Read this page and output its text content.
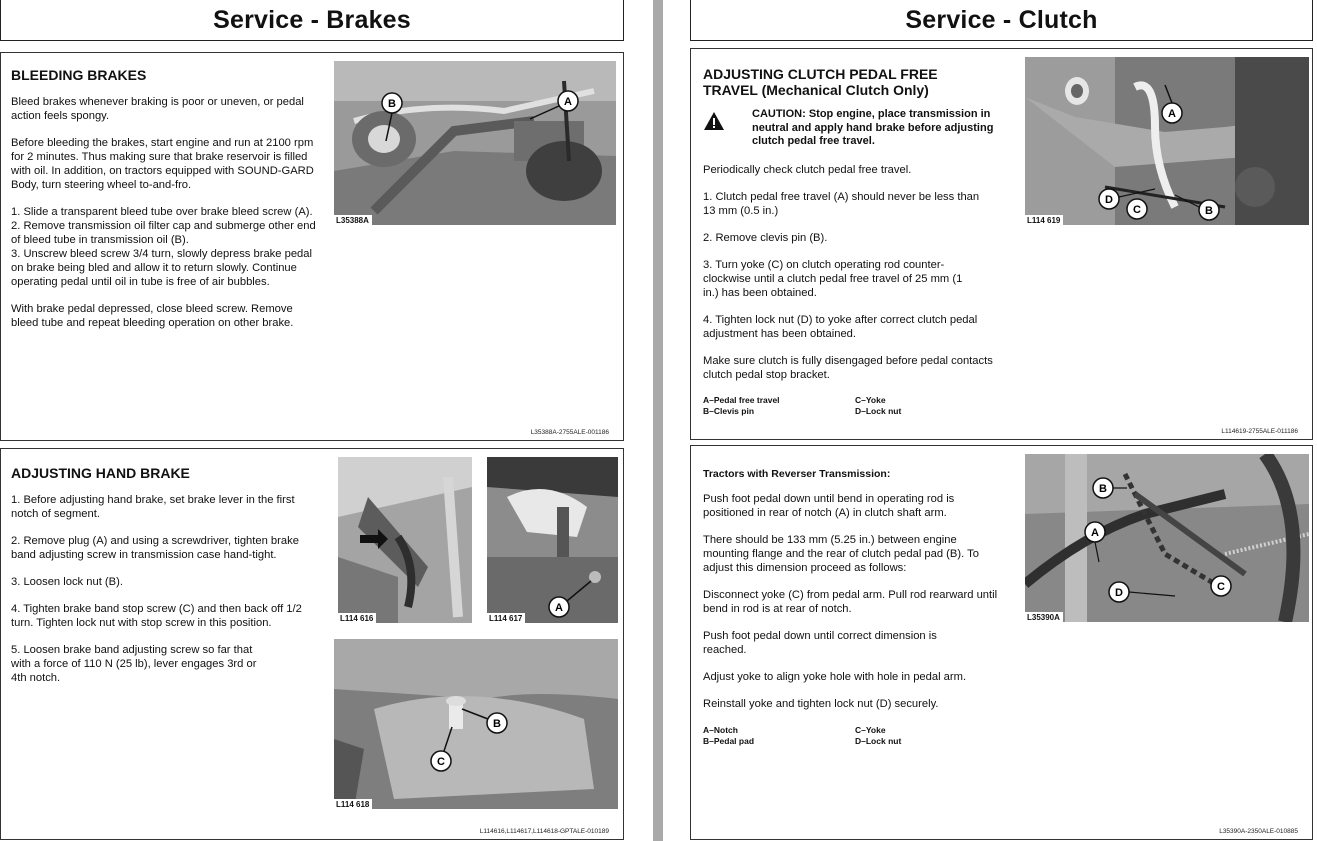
Service - Brakes
BLEEDING BRAKES

Bleed brakes whenever braking is poor or uneven, or pedal action feels spongy.

Before bleeding the brakes, start engine and run at 2100 rpm for 2 minutes. Thus making sure that brake reservoir is filled with oil. In addition, on tractors equipped with SOUND-GARD Body, turn steering wheel to-and-fro.

1. Slide a transparent bleed tube over brake bleed screw (A).

2. Remove transmission oil filter cap and submerge other end of bleed tube in transmission oil (B).

3. Unscrew bleed screw 3/4 turn, slowly depress brake pedal on brake being bled and allow it to return slowly. Continue operating pedal until oil in tube is free of air bubbles.

With brake pedal depressed, close bleed screw. Remove bleed tube and repeat bleeding operation on other brake.

B	A
L35388A
L35388A-2755ALE-001186
ADJUSTING HAND BRAKE

1. Before adjusting hand brake, set brake lever in the first notch of segment.

2. Remove plug (A) and using a screwdriver, tighten brake band adjusting screw in transmission case hand-tight.

3. Loosen lock nut (B).

4. Tighten brake band stop screw (C) and then back off 1/2 turn. Tighten lock nut with stop screw in this position.

5. Loosen brake band adjusting screw so far that with a force of 110 N (25 lb), lever engages 3rd or 4th notch.

L114 616
A
L114 617
B
C
L114 618
L114616,L114617,L114618-GPTALE-010189
Service - Clutch
ADJUSTING CLUTCH PEDAL FREE
TRAVEL (Mechanical Clutch Only)
CAUTION: Stop engine, place transmission in neutral and apply hand brake before adjusting clutch pedal free travel.

Periodically check clutch pedal free travel.

1. Clutch pedal free travel (A) should never be less than 13 mm (0.5 in.)

2. Remove clevis pin (B).

3. Turn yoke (C) on clutch operating rod counter-clockwise until a clutch pedal free travel of 25 mm (1 in.) has been obtained.

4. Tighten lock nut (D) to yoke after correct clutch pedal adjustment has been obtained.

Make sure clutch is fully disengaged before pedal contacts clutch pedal stop bracket.

A–Pedal free travel
B–Clevis pin
C–Yoke
D–Lock nut
A
D
C	B
L114 619
L114619-2755ALE-011186
Tractors with Reverser Transmission:

Push foot pedal down until bend in operating rod is positioned in rear of notch (A) in clutch shaft arm.

There should be 133 mm (5.25 in.) between engine mounting flange and the rear of clutch pedal pad (B). To adjust this dimension proceed as follows:

Disconnect yoke (C) from pedal arm. Pull rod rearward until bend in rod is at rear of notch.

Push foot pedal down until correct dimension is reached.

Adjust yoke to align yoke hole with hole in pedal arm.

Reinstall yoke and tighten lock nut (D) securely.

A–Notch
B–Pedal pad
C–Yoke
D–Lock nut
B
A
D	C
L35390A
L35390A-2350ALE-010885
